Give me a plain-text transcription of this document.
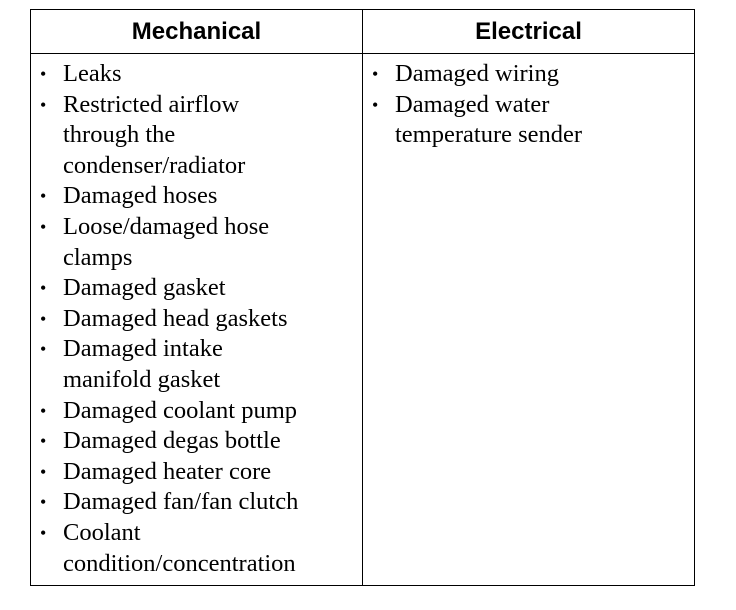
Mechanical	Electrical
• Leaks
• Restricted airflow through the condenser/radiator
• Damaged hoses
• Loose/damaged hose clamps
• Damaged gasket
• Damaged head gaskets
• Damaged intake manifold gasket
• Damaged coolant pump
• Damaged degas bottle
• Damaged heater core
• Damaged fan/fan clutch
• Coolant condition/concentration
• Damaged wiring
• Damaged water temperature sender
